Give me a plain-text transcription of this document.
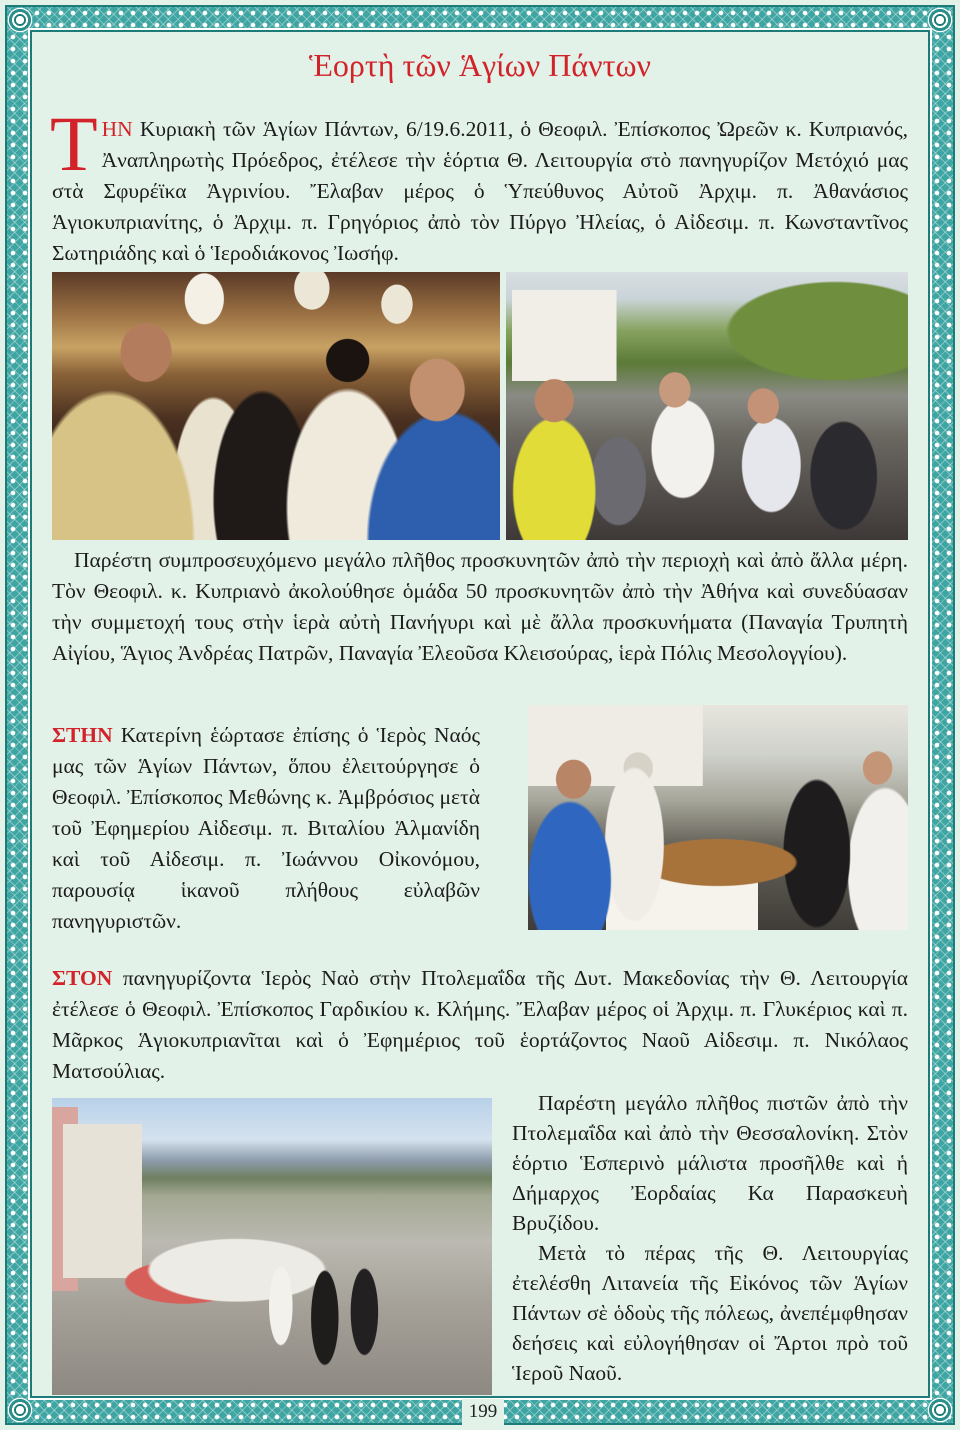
Ἑορτὴ τῶν Ἁγίων Πάντων

ΤΗΝ Κυριακὴ τῶν Ἁγίων Πάντων, 6/19.6.2011, ὁ Θεοφιλ. Ἐπίσκοπος Ὠρεῶν κ. Κυπριανός, Ἀναπληρωτὴς Πρόεδρος, ἐτέλεσε τὴν ἑόρτια Θ. Λειτουργία στὸ πανηγυρίζον Μετόχιό μας στὰ Σφυρέϊκα Ἀγρινίου. Ἔλαβαν μέρος ὁ Ὑπεύθυνος Αὐτοῦ Ἀρχιμ. π. Ἀθανάσιος Ἁγιοκυπριανίτης, ὁ Ἀρχιμ. π. Γρηγόριος ἀπὸ τὸν Πύργο Ἠλείας, ὁ Αἰδεσιμ. π. Κωνσταντῖνος Σωτηριάδης καὶ ὁ Ἱεροδιάκονος Ἰωσήφ.

Παρέστη συμπροσευχόμενο μεγάλο πλῆθος προσκυνητῶν ἀπὸ τὴν περιοχὴ καὶ ἀπὸ ἄλλα μέρη. Τὸν Θεοφιλ. κ. Κυπριανὸ ἀκολούθησε ὁμάδα 50 προσκυνητῶν ἀπὸ τὴν Ἀθήνα καὶ συνεδύασαν τὴν συμμετοχή τους στὴν ἱερὰ αὐτὴ Πανήγυρι καὶ μὲ ἄλλα προσκυνήματα (Παναγία Τρυπητὴ Αἰγίου, Ἅγιος Ἀνδρέας Πατρῶν, Παναγία Ἐλεοῦσα Κλεισούρας, ἱερὰ Πόλις Μεσολογγίου).

ΣΤΗΝ Κατερίνη ἑώρτασε ἐπίσης ὁ Ἱερὸς Ναός μας τῶν Ἁγίων Πάντων, ὅπου ἐλειτούργησε ὁ Θεοφιλ. Ἐπίσκοπος Μεθώνης κ. Ἀμβρόσιος μετὰ τοῦ Ἐφημερίου Αἰδεσιμ. π. Βιταλίου Ἁλμανίδη καὶ τοῦ Αἰδεσιμ. π. Ἰωάννου Οἰκονόμου, παρουσίᾳ ἱκανοῦ πλήθους εὐλαβῶν πανηγυριστῶν.

ΣΤΟΝ πανηγυρίζοντα Ἱερὸς Ναὸ στὴν Πτολεμαΐδα τῆς Δυτ. Μακεδονίας τὴν Θ. Λειτουργία ἐτέλεσε ὁ Θεοφιλ. Ἐπίσκοπος Γαρδικίου κ. Κλήμης. Ἔλαβαν μέρος οἱ Ἀρχιμ. π. Γλυκέριος καὶ π. Μᾶρκος Ἁγιοκυπριανῖται καὶ ὁ Ἐφημέριος τοῦ ἑορτάζοντος Ναοῦ Αἰδεσιμ. π. Νικόλαος Ματσούλιας.

Παρέστη μεγάλο πλῆθος πιστῶν ἀπὸ τὴν Πτολεμαΐδα καὶ ἀπὸ τὴν Θεσσαλονίκη. Στὸν ἑόρτιο Ἑσπερινὸ μάλιστα προσῆλθε καὶ ἡ Δήμαρχος Ἐορδαίας Κα Παρασκευὴ Βρυζίδου.

Μετὰ τὸ πέρας τῆς Θ. Λειτουργίας ἐτελέσθη Λιτανεία τῆς Εἰκόνος τῶν Ἁγίων Πάντων σὲ ὁδοὺς τῆς πόλεως, ἀνεπέμφθησαν δεήσεις καὶ εὐλογήθησαν οἱ Ἄρτοι πρὸ τοῦ Ἱεροῦ Ναοῦ.

199
